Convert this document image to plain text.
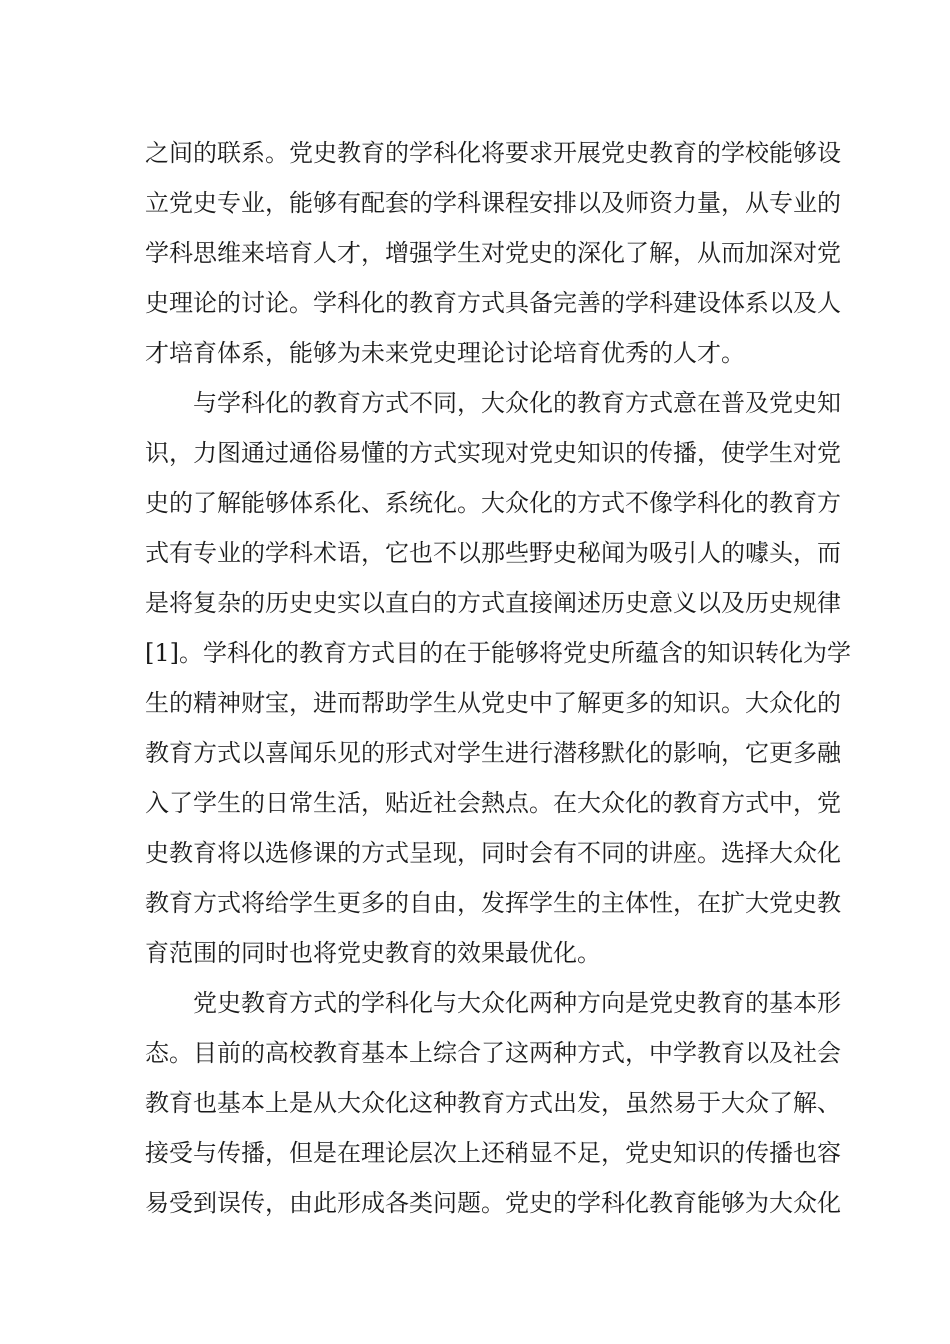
之间的联系。党史教育的学科化将要求开展党史教育的学校能够设
立党史专业，能够有配套的学科课程安排以及师资力量，从专业的
学科思维来培育人才，增强学生对党史的深化了解，从而加深对党
史理论的讨论。学科化的教育方式具备完善的学科建设体系以及人
才培育体系，能够为未来党史理论讨论培育优秀的人才。
与学科化的教育方式不同，大众化的教育方式意在普及党史知
识，力图通过通俗易懂的方式实现对党史知识的传播，使学生对党
史的了解能够体系化、系统化。大众化的方式不像学科化的教育方
式有专业的学科术语，它也不以那些野史秘闻为吸引人的噱头，而
是将复杂的历史史实以直白的方式直接阐述历史意义以及历史规律
[1]。学科化的教育方式目的在于能够将党史所蕴含的知识转化为学
生的精神财宝，进而帮助学生从党史中了解更多的知识。大众化的
教育方式以喜闻乐见的形式对学生进行潜移默化的影响，它更多融
入了学生的日常生活，贴近社会熱点。在大众化的教育方式中，党
史教育将以选修课的方式呈现，同时会有不同的讲座。选择大众化
教育方式将给学生更多的自由，发挥学生的主体性，在扩大党史教
育范围的同时也将党史教育的效果最优化。
党史教育方式的学科化与大众化两种方向是党史教育的基本形
态。目前的高校教育基本上综合了这两种方式，中学教育以及社会
教育也基本上是从大众化这种教育方式出发，虽然易于大众了解、
接受与传播，但是在理论层次上还稍显不足，党史知识的传播也容
易受到误传，由此形成各类问题。党史的学科化教育能够为大众化
